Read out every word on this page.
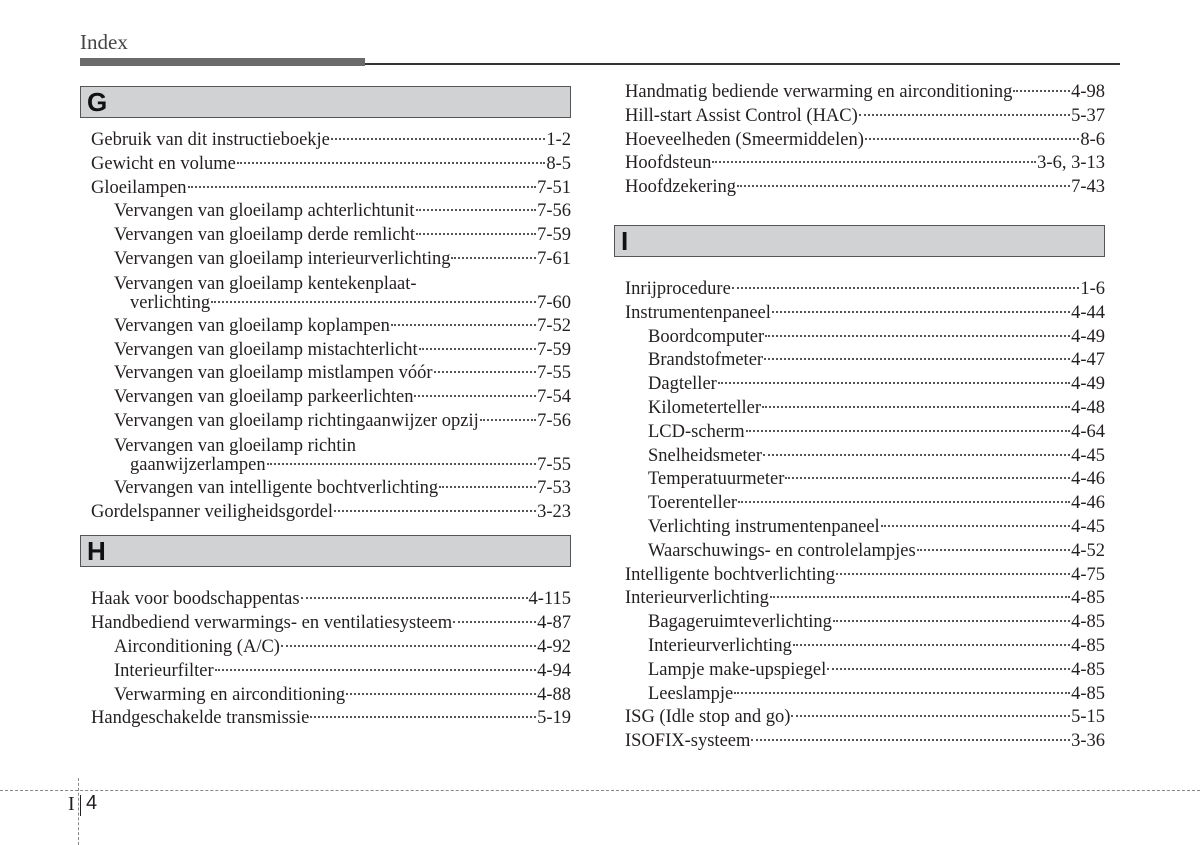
Index
G
Gebruik van dit instructieboekje	1-2
Gewicht en volume	8-5
Gloeilampen	7-51
Vervangen van gloeilamp achterlichtunit	7-56
Vervangen van gloeilamp derde remlicht	7-59
Vervangen van gloeilamp interieurverlichting	7-61
Vervangen van gloeilamp kentekenplaat-
verlichting	7-60
Vervangen van gloeilamp koplampen	7-52
Vervangen van gloeilamp mistachterlicht	7-59
Vervangen van gloeilamp mistlampen vóór	7-55
Vervangen van gloeilamp parkeerlichten	7-54
Vervangen van gloeilamp richtingaanwijzer opzij	7-56
Vervangen van gloeilamp richtin
gaanwijzerlampen	7-55
Vervangen van intelligente bochtverlichting	7-53
Gordelspanner veiligheidsgordel	3-23
H
Haak voor boodschappentas	4-115
Handbediend verwarmings- en ventilatiesysteem	4-87
Airconditioning (A/C)	4-92
Interieurfilter	4-94
Verwarming en airconditioning	4-88
Handgeschakelde transmissie	5-19
Handmatig bediende verwarming en airconditioning	4-98
Hill-start Assist Control (HAC)	5-37
Hoeveelheden (Smeermiddelen)	8-6
Hoofdsteun	3-6, 3-13
Hoofdzekering	7-43
I
Inrijprocedure	1-6
Instrumentenpaneel	4-44
Boordcomputer	4-49
Brandstofmeter	4-47
Dagteller	4-49
Kilometerteller	4-48
LCD-scherm	4-64
Snelheidsmeter	4-45
Temperatuurmeter	4-46
Toerenteller	4-46
Verlichting instrumentenpaneel	4-45
Waarschuwings- en controlelampjes	4-52
Intelligente bochtverlichting	4-75
Interieurverlichting	4-85
Bagageruimteverlichting	4-85
Interieurverlichting	4-85
Lampje make-upspiegel	4-85
Leeslampje	4-85
ISG (Idle stop and go)	5-15
ISOFIX-systeem	3-36
I 4
